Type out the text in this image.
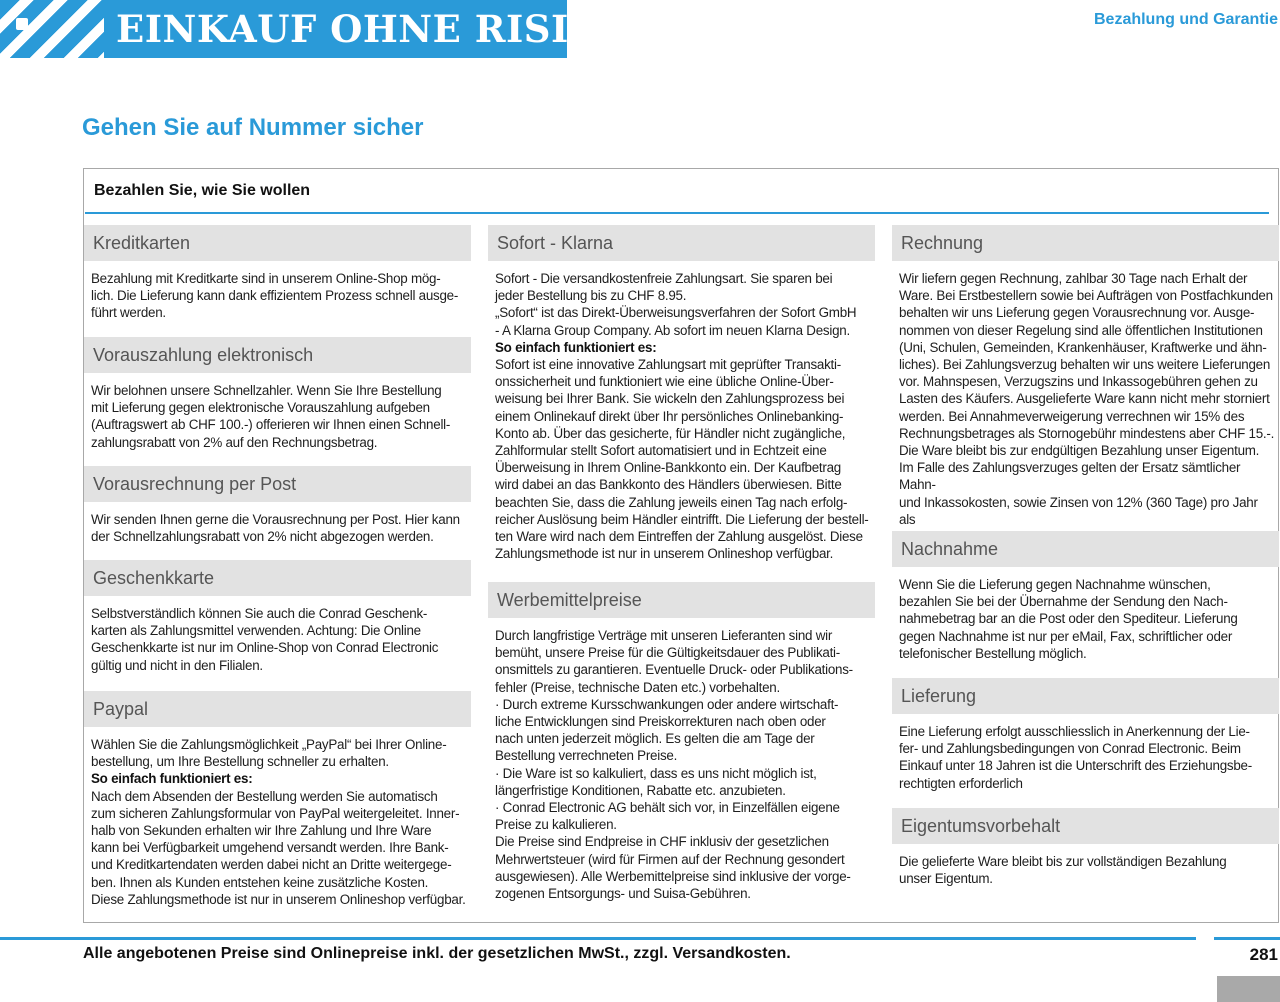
EINKAUF OHNE RISIKO	Bezahlung und Garantie
Gehen Sie auf Nummer sicher
Bezahlen Sie, wie Sie wollen
Kreditkarten
Bezahlung mit Kreditkarte sind in unserem Online-Shop mög-
lich. Die Lieferung kann dank effizientem Prozess schnell ausge-
führt werden.
Vorauszahlung elektronisch
Wir belohnen unsere Schnellzahler. Wenn Sie Ihre Bestellung
mit Lieferung gegen elektronische Vorauszahlung aufgeben
(Auftragswert ab CHF 100.-) offerieren wir Ihnen einen Schnell-
zahlungsrabatt von 2% auf den Rechnungsbetrag.
Vorausrechnung per Post
Wir senden Ihnen gerne die Vorausrechnung per Post. Hier kann
der Schnellzahlungsrabatt von 2% nicht abgezogen werden.
Geschenkkarte
Selbstverständlich können Sie auch die Conrad Geschenk-
karten als Zahlungsmittel verwenden. Achtung: Die Online
Geschenkkarte ist nur im Online-Shop von Conrad Electronic
gültig und nicht in den Filialen.
Paypal
Wählen Sie die Zahlungsmöglichkeit „PayPal“ bei Ihrer Online-
bestellung, um Ihre Bestellung schneller zu erhalten.
So einfach funktioniert es:
Nach dem Absenden der Bestellung werden Sie automatisch
zum sicheren Zahlungsformular von PayPal weitergeleitet. Inner-
halb von Sekunden erhalten wir Ihre Zahlung und Ihre Ware
kann bei Verfügbarkeit umgehend versandt werden. Ihre Bank-
und Kreditkartendaten werden dabei nicht an Dritte weitergege-
ben. Ihnen als Kunden entstehen keine zusätzliche Kosten.
Diese Zahlungsmethode ist nur in unserem Onlineshop verfügbar.
Sofort - Klarna
Sofort - Die versandkostenfreie Zahlungsart. Sie sparen bei
jeder Bestellung bis zu CHF 8.95.
„Sofort“ ist das Direkt-Überweisungsverfahren der Sofort GmbH
- A Klarna Group Company. Ab sofort im neuen Klarna Design.
So einfach funktioniert es:
Sofort ist eine innovative Zahlungsart mit geprüfter Transakti-
onssicherheit und funktioniert wie eine übliche Online-Über-
weisung bei Ihrer Bank. Sie wickeln den Zahlungsprozess bei
einem Onlinekauf direkt über Ihr persönliches Onlinebanking-
Konto ab. Über das gesicherte, für Händler nicht zugängliche,
Zahlformular stellt Sofort automatisiert und in Echtzeit eine
Überweisung in Ihrem Online-Bankkonto ein. Der Kaufbetrag
wird dabei an das Bankkonto des Händlers überwiesen. Bitte
beachten Sie, dass die Zahlung jeweils einen Tag nach erfolg-
reicher Auslösung beim Händler eintrifft. Die Lieferung der bestell-
ten Ware wird nach dem Eintreffen der Zahlung ausgelöst. Diese
Zahlungsmethode ist nur in unserem Onlineshop verfügbar.
Werbemittelpreise
Durch langfristige Verträge mit unseren Lieferanten sind wir
bemüht, unsere Preise für die Gültigkeitsdauer des Publikati-
onsmittels zu garantieren. Eventuelle Druck- oder Publikations-
fehler (Preise, technische Daten etc.) vorbehalten.
· Durch extreme Kursschwankungen oder andere wirtschaft-
liche Entwicklungen sind Preiskorrekturen nach oben oder
nach unten jederzeit möglich. Es gelten die am Tage der
Bestellung verrechneten Preise.
· Die Ware ist so kalkuliert, dass es uns nicht möglich ist,
längerfristige Konditionen, Rabatte etc. anzubieten.
· Conrad Electronic AG behält sich vor, in Einzelfällen eigene
Preise zu kalkulieren.
Die Preise sind Endpreise in CHF inklusiv der gesetzlichen
Mehrwertsteuer (wird für Firmen auf der Rechnung gesondert
ausgewiesen). Alle Werbemittelpreise sind inklusive der vorge-
zogenen Entsorgungs- und Suisa-Gebühren.
Rechnung
Wir liefern gegen Rechnung, zahlbar 30 Tage nach Erhalt der
Ware. Bei Erstbestellern sowie bei Aufträgen von Postfachkunden
behalten wir uns Lieferung gegen Vorausrechnung vor. Ausge-
nommen von dieser Regelung sind alle öffentlichen Institutionen
(Uni, Schulen, Gemeinden, Krankenhäuser, Kraftwerke und ähn-
liches). Bei Zahlungsverzug behalten wir uns weitere Lieferungen
vor. Mahnspesen, Verzugszins und Inkassogebühren gehen zu
Lasten des Käufers. Ausgelieferte Ware kann nicht mehr storniert
werden. Bei Annahmeverweigerung verrechnen wir 15% des
Rechnungsbetrages als Stornogebühr mindestens aber CHF 15.-.
Die Ware bleibt bis zur endgültigen Bezahlung unser Eigentum.
Im Falle des Zahlungsverzuges gelten der Ersatz sämtlicher Mahn-
und Inkassokosten, sowie Zinsen von 12% (360 Tage) pro Jahr als

Nachnahme
Wenn Sie die Lieferung gegen Nachnahme wünschen,
bezahlen Sie bei der Übernahme der Sendung den Nach-
nahmebetrag bar an die Post oder den Spediteur. Lieferung
gegen Nachnahme ist nur per eMail, Fax, schriftlicher oder
telefonischer Bestellung möglich.
Lieferung
Eine Lieferung erfolgt ausschliesslich in Anerkennung der Lie-
fer- und Zahlungsbedingungen von Conrad Electronic. Beim
Einkauf unter 18 Jahren ist die Unterschrift des Erziehungsbe-
rechtigten erforderlich
Eigentumsvorbehalt
Die gelieferte Ware bleibt bis zur vollständigen Bezahlung
unser Eigentum.
Alle angebotenen Preise sind Onlinepreise inkl. der gesetzlichen MwSt., zzgl. Versandkosten.	281
